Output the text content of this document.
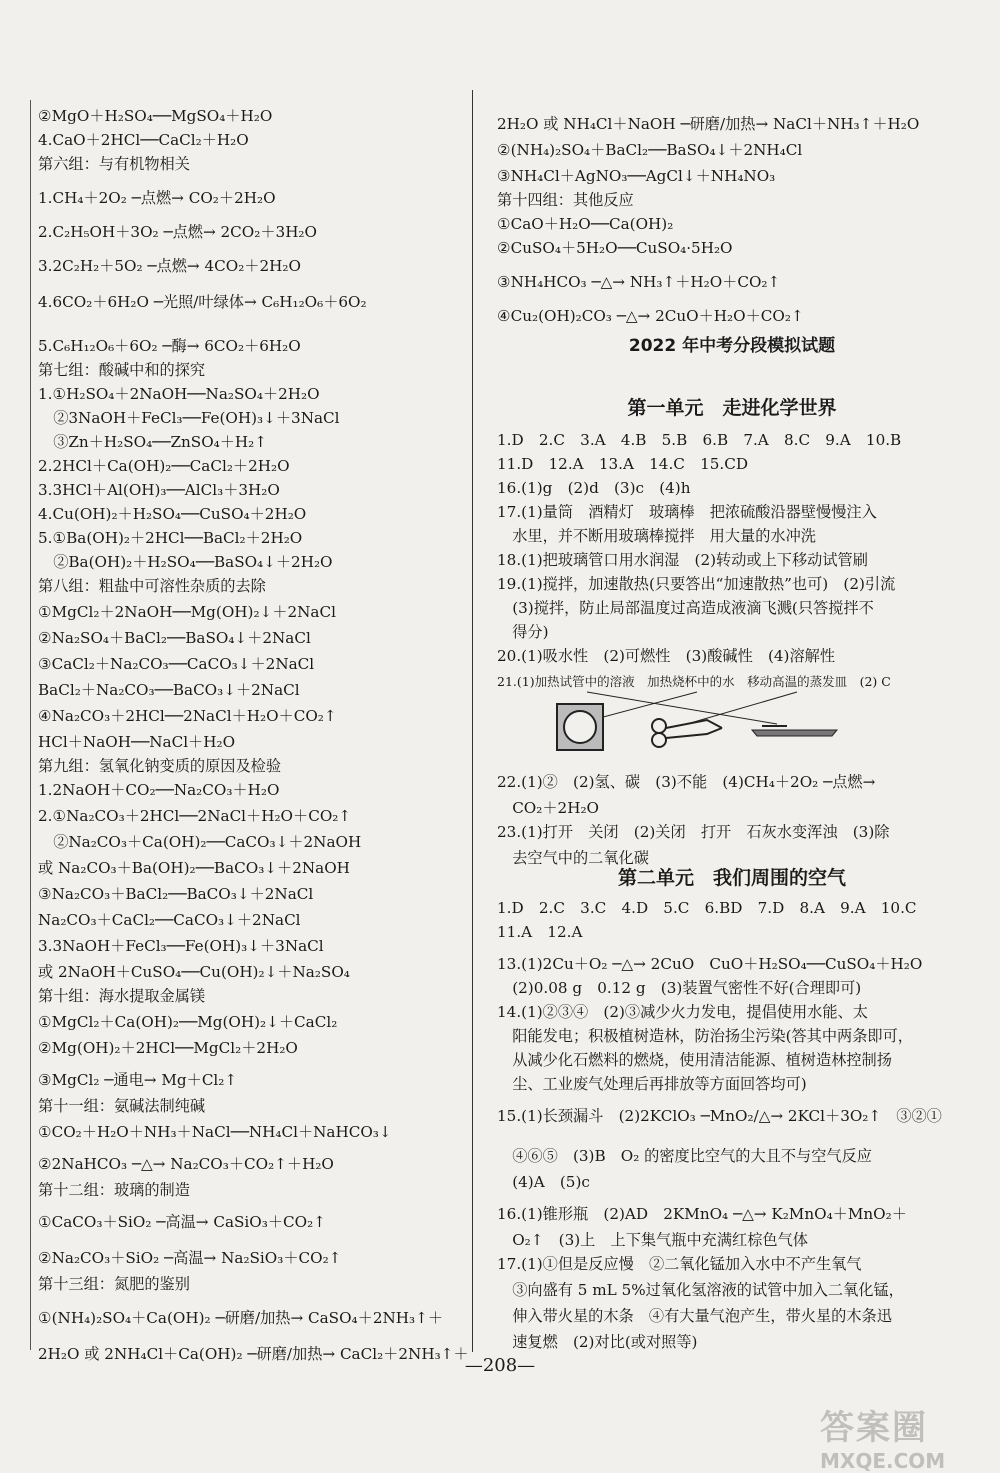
②MgO＋H₂SO₄──MgSO₄＋H₂O
4.CaO＋2HCl──CaCl₂＋H₂O
第六组：与有机物相关
1.CH₄＋2O₂ ─点燃→ CO₂＋2H₂O
2.C₂H₅OH＋3O₂ ─点燃→ 2CO₂＋3H₂O
3.2C₂H₂＋5O₂ ─点燃→ 4CO₂＋2H₂O
4.6CO₂＋6H₂O ─光照/叶绿体→ C₆H₁₂O₆＋6O₂
5.C₆H₁₂O₆＋6O₂ ─酶→ 6CO₂＋6H₂O
第七组：酸碱中和的探究
1.①H₂SO₄＋2NaOH──Na₂SO₄＋2H₂O
　②3NaOH＋FeCl₃──Fe(OH)₃↓＋3NaCl
　③Zn＋H₂SO₄──ZnSO₄＋H₂↑
2.2HCl＋Ca(OH)₂──CaCl₂＋2H₂O
3.3HCl＋Al(OH)₃──AlCl₃＋3H₂O
4.Cu(OH)₂＋H₂SO₄──CuSO₄＋2H₂O
5.①Ba(OH)₂＋2HCl──BaCl₂＋2H₂O
　②Ba(OH)₂＋H₂SO₄──BaSO₄↓＋2H₂O
第八组：粗盐中可溶性杂质的去除
①MgCl₂＋2NaOH──Mg(OH)₂↓＋2NaCl
②Na₂SO₄＋BaCl₂──BaSO₄↓＋2NaCl
③CaCl₂＋Na₂CO₃──CaCO₃↓＋2NaCl
BaCl₂＋Na₂CO₃──BaCO₃↓＋2NaCl
④Na₂CO₃＋2HCl──2NaCl＋H₂O＋CO₂↑
HCl＋NaOH──NaCl＋H₂O
第九组：氢氧化钠变质的原因及检验
1.2NaOH＋CO₂──Na₂CO₃＋H₂O
2.①Na₂CO₃＋2HCl──2NaCl＋H₂O＋CO₂↑
　②Na₂CO₃＋Ca(OH)₂──CaCO₃↓＋2NaOH
或 Na₂CO₃＋Ba(OH)₂──BaCO₃↓＋2NaOH
③Na₂CO₃＋BaCl₂──BaCO₃↓＋2NaCl
Na₂CO₃＋CaCl₂──CaCO₃↓＋2NaCl
3.3NaOH＋FeCl₃──Fe(OH)₃↓＋3NaCl
或 2NaOH＋CuSO₄──Cu(OH)₂↓＋Na₂SO₄
第十组：海水提取金属镁
①MgCl₂＋Ca(OH)₂──Mg(OH)₂↓＋CaCl₂
②Mg(OH)₂＋2HCl──MgCl₂＋2H₂O
③MgCl₂ ─通电→ Mg＋Cl₂↑
第十一组：氨碱法制纯碱
①CO₂＋H₂O＋NH₃＋NaCl──NH₄Cl＋NaHCO₃↓
②2NaHCO₃ ─△→ Na₂CO₃＋CO₂↑＋H₂O
第十二组：玻璃的制造
①CaCO₃＋SiO₂ ─高温→ CaSiO₃＋CO₂↑
②Na₂CO₃＋SiO₂ ─高温→ Na₂SiO₃＋CO₂↑
第十三组：氮肥的鉴别
①(NH₄)₂SO₄＋Ca(OH)₂ ─研磨/加热→ CaSO₄＋2NH₃↑＋
2H₂O 或 2NH₄Cl＋Ca(OH)₂ ─研磨/加热→ CaCl₂＋2NH₃↑＋
2022 年中考分段模拟试题
第一单元　走进化学世界
第二单元　我们周围的空气
21.(1)加热试管中的溶液　加热烧杯中的水　移动高温的蒸发皿　(2) C
2H₂O 或 NH₄Cl＋NaOH ─研磨/加热→ NaCl＋NH₃↑＋H₂O
②(NH₄)₂SO₄＋BaCl₂──BaSO₄↓＋2NH₄Cl
③NH₄Cl＋AgNO₃──AgCl↓＋NH₄NO₃
第十四组：其他反应
①CaO＋H₂O──Ca(OH)₂
②CuSO₄＋5H₂O──CuSO₄·5H₂O
③NH₄HCO₃ ─△→ NH₃↑＋H₂O＋CO₂↑
④Cu₂(OH)₂CO₃ ─△→ 2CuO＋H₂O＋CO₂↑
1.D　2.C　3.A　4.B　5.B　6.B　7.A　8.C　9.A　10.B
11.D　12.A　13.A　14.C　15.CD
16.(1)g　(2)d　(3)c　(4)h
17.(1)量筒　酒精灯　玻璃棒　把浓硫酸沿器壁慢慢注入
　水里，并不断用玻璃棒搅拌　用大量的水冲洗
18.(1)把玻璃管口用水润湿　(2)转动或上下移动试管刷
19.(1)搅拌，加速散热(只要答出“加速散热”也可)　(2)引流
　(3)搅拌，防止局部温度过高造成液滴飞溅(只答搅拌不
　得分)
20.(1)吸水性　(2)可燃性　(3)酸碱性　(4)溶解性
22.(1)②　(2)氢、碳　(3)不能　(4)CH₄＋2O₂ ─点燃→
　CO₂＋2H₂O
23.(1)打开　关闭　(2)关闭　打开　石灰水变浑浊　(3)除
　去空气中的二氧化碳
1.D　2.C　3.C　4.D　5.C　6.BD　7.D　8.A　9.A　10.C
11.A　12.A
13.(1)2Cu＋O₂ ─△→ 2CuO　CuO＋H₂SO₄──CuSO₄＋H₂O
　(2)0.08 g　0.12 g　(3)装置气密性不好(合理即可)
14.(1)②③④　(2)③减少火力发电，提倡使用水能、太
　阳能发电；积极植树造林，防治扬尘污染(答其中两条即可，
　从减少化石燃料的燃烧，使用清洁能源、植树造林控制扬
　尘、工业废气处理后再排放等方面回答均可)
15.(1)长颈漏斗　(2)2KClO₃ ─MnO₂/△→ 2KCl＋3O₂↑　③②①
　④⑥⑤　(3)B　O₂ 的密度比空气的大且不与空气反应
　(4)A　(5)c
16.(1)锥形瓶　(2)AD　2KMnO₄ ─△→ K₂MnO₄＋MnO₂＋
　O₂↑　(3)上　上下集气瓶中充满红棕色气体
17.(1)①但是反应慢　②二氧化锰加入水中不产生氧气
　③向盛有 5 mL 5%过氧化氢溶液的试管中加入二氧化锰，
　伸入带火星的木条　④有大量气泡产生，带火星的木条迅
　速复燃　(2)对比(或对照等)
—208—
答案圈
MXQE.COM
